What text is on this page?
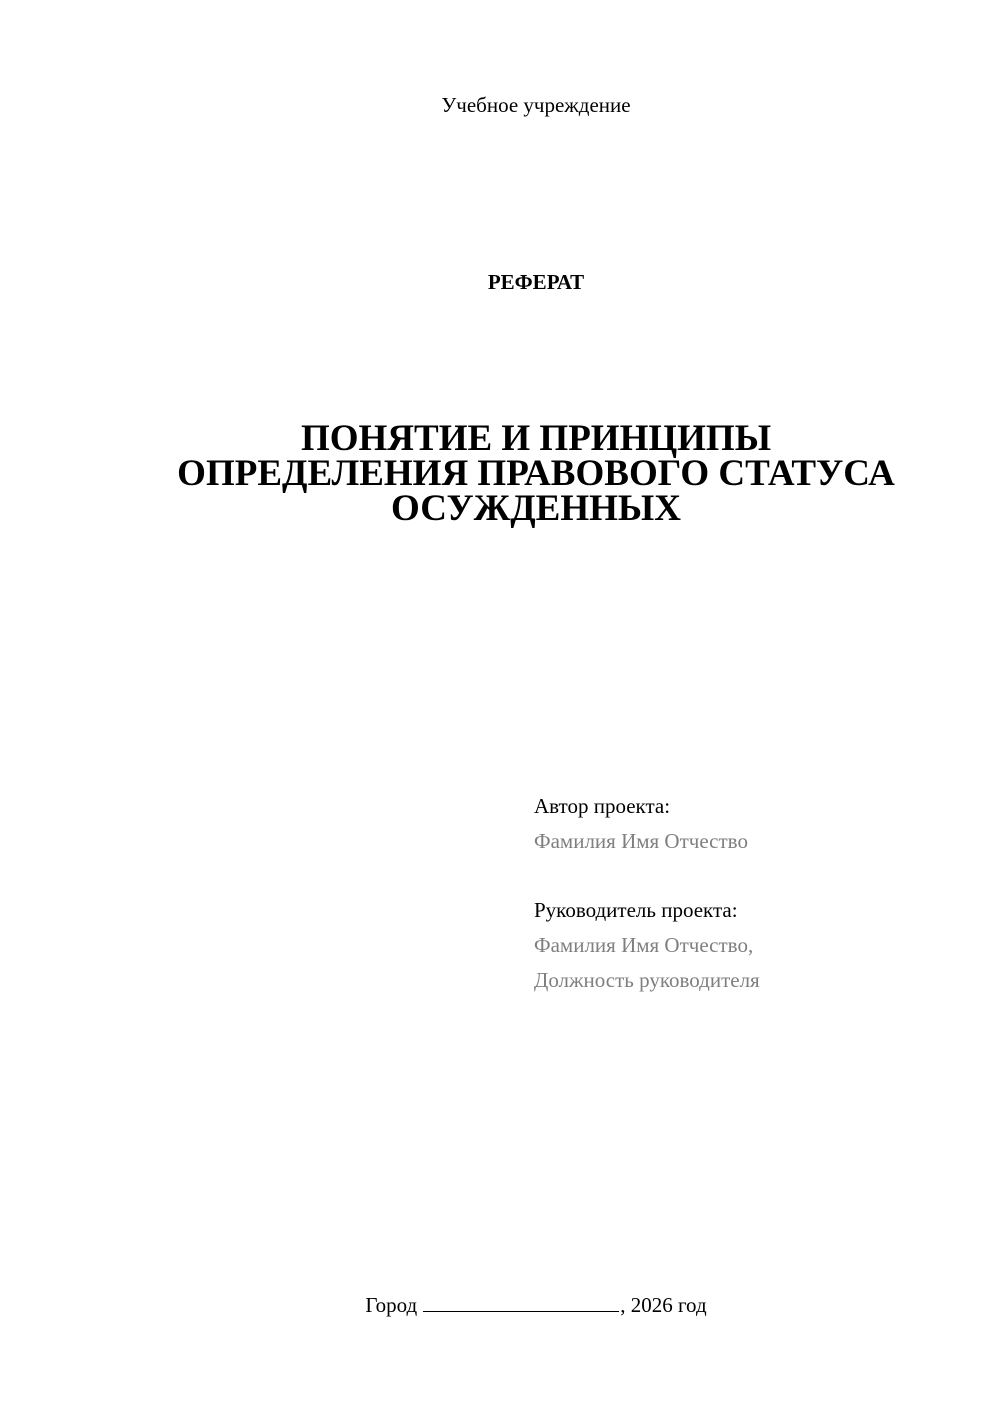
Учебное учреждение
РЕФЕРАТ
ПОНЯТИЕ И ПРИНЦИПЫ
ОПРЕДЕЛЕНИЯ ПРАВОВОГО СТАТУСА
ОСУЖДЕННЫХ
Автор проекта:
Фамилия Имя Отчество
Руководитель проекта:
Фамилия Имя Отчество,
Должность руководителя
Город	, 2026 год
